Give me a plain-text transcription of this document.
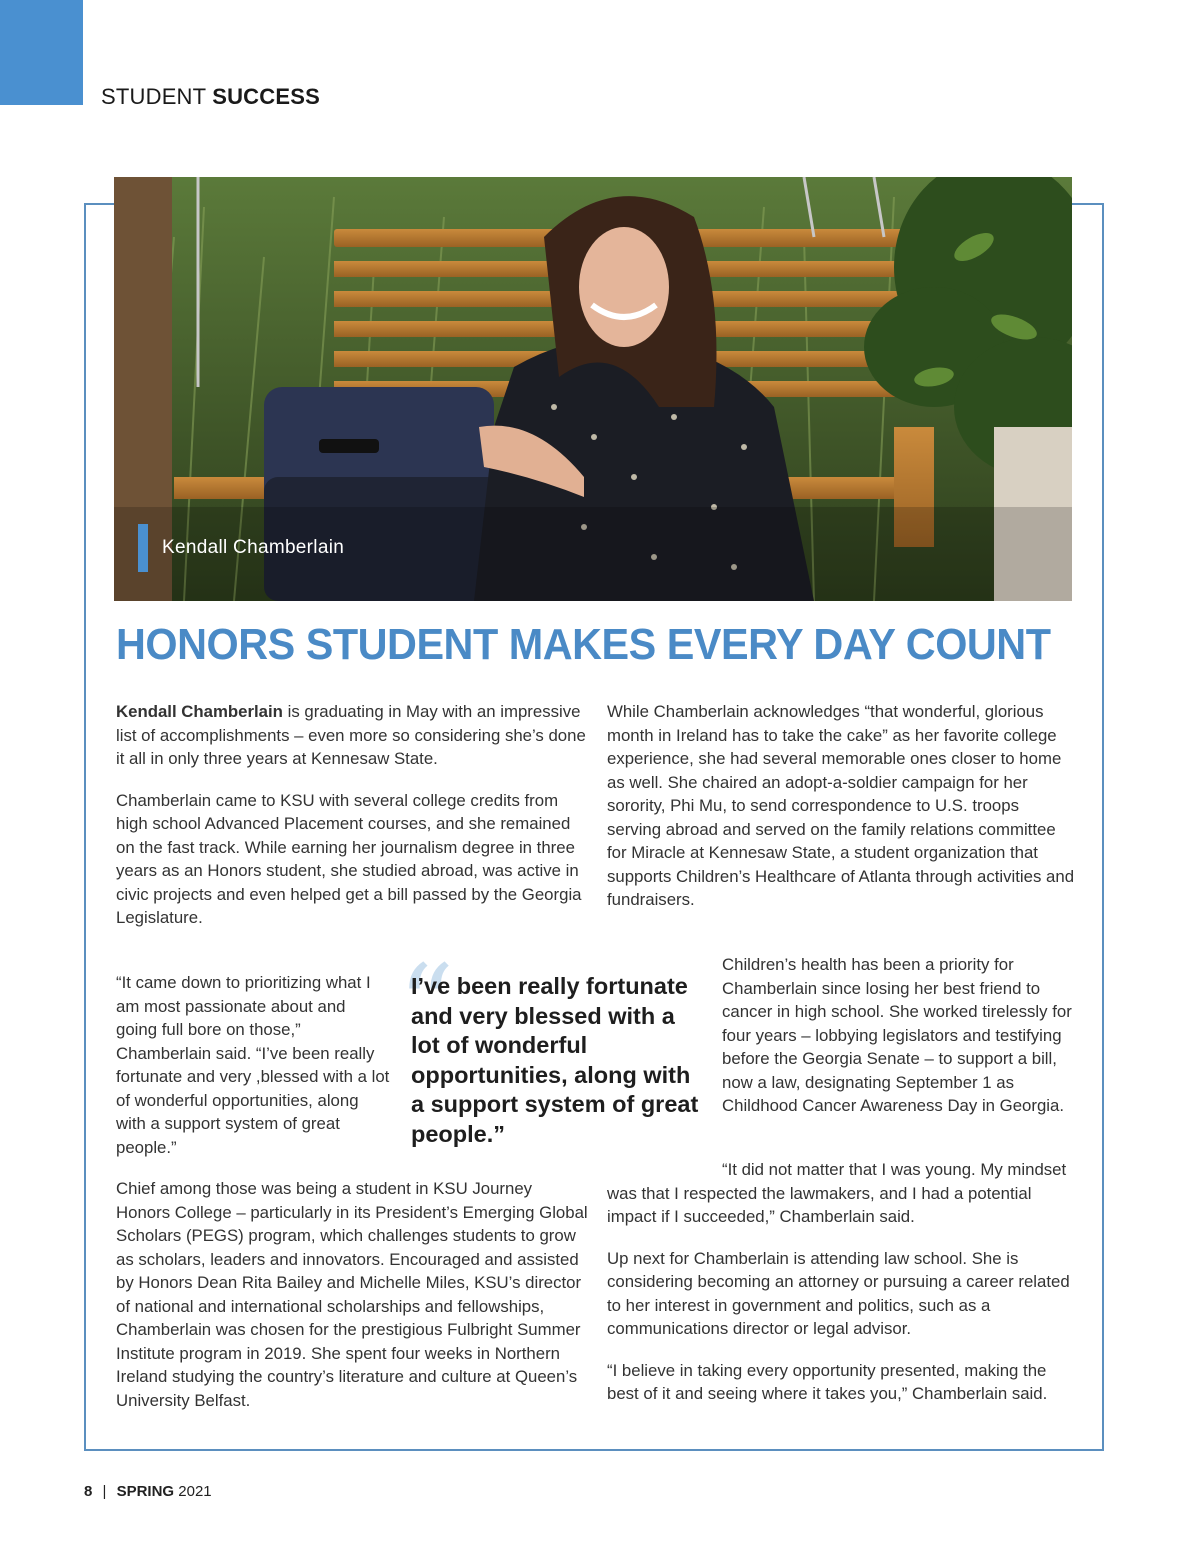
STUDENT SUCCESS
Kendall Chamberlain
HONORS STUDENT MAKES EVERY DAY COUNT

Kendall Chamberlain is graduating in May with an impressive list of accomplishments – even more so considering she’s done it all in only three years at Kennesaw State.

Chamberlain came to KSU with several college credits from high school Advanced Placement courses, and she remained on the fast track. While earning her journalism degree in three years as an Honors student, she studied abroad, was active in civic projects and even helped get a bill passed by the Georgia Legislature.

“It came down to prioritizing what I am most passionate about and going full bore on those,” Chamberlain said. “I’ve been really fortunate and very ,blessed with a lot of wonderful opportunities, along with a support system of great people.”

“
I’ve been really fortunate and very blessed with a lot of wonderful opportunities, along with a support system of great people.”

Chief among those was being a student in KSU Journey Honors College – particularly in its President’s Emerging Global Scholars (PEGS) program, which challenges students to grow as scholars, leaders and innovators. Encouraged and assisted by Honors Dean Rita Bailey and Michelle Miles, KSU’s director of national and international scholarships and fellowships, Chamberlain was chosen for the prestigious Fulbright Summer Institute program in 2019. She spent four weeks in Northern Ireland studying the country’s literature and culture at Queen’s University Belfast.

While Chamberlain acknowledges “that wonderful, glorious month in Ireland has to take the cake” as her favorite college experience, she had several memorable ones closer to home as well. She chaired an adopt-a-soldier campaign for her sorority, Phi Mu, to send correspondence to U.S. troops serving abroad and served on the family relations committee for Miracle at Kennesaw State, a student organization that supports Children’s Healthcare of Atlanta through activities and fundraisers.

Children’s health has been a priority for Chamberlain since losing her best friend to cancer in high school. She worked tirelessly for four years – lobbying legislators and testifying before the Georgia Senate – to support a bill, now a law, designating September 1 as Childhood Cancer Awareness Day in Georgia.

“It did not matter that I was young. My mindset was that I respected the lawmakers, and I had a potential impact if I succeeded,” Chamberlain said.

Up next for Chamberlain is attending law school. She is considering becoming an attorney or pursuing a career related to her interest in government and politics, such as a communications director or legal advisor.

“I believe in taking every opportunity presented, making the best of it and seeing where it takes you,” Chamberlain said.

8 | SPRING 2021
